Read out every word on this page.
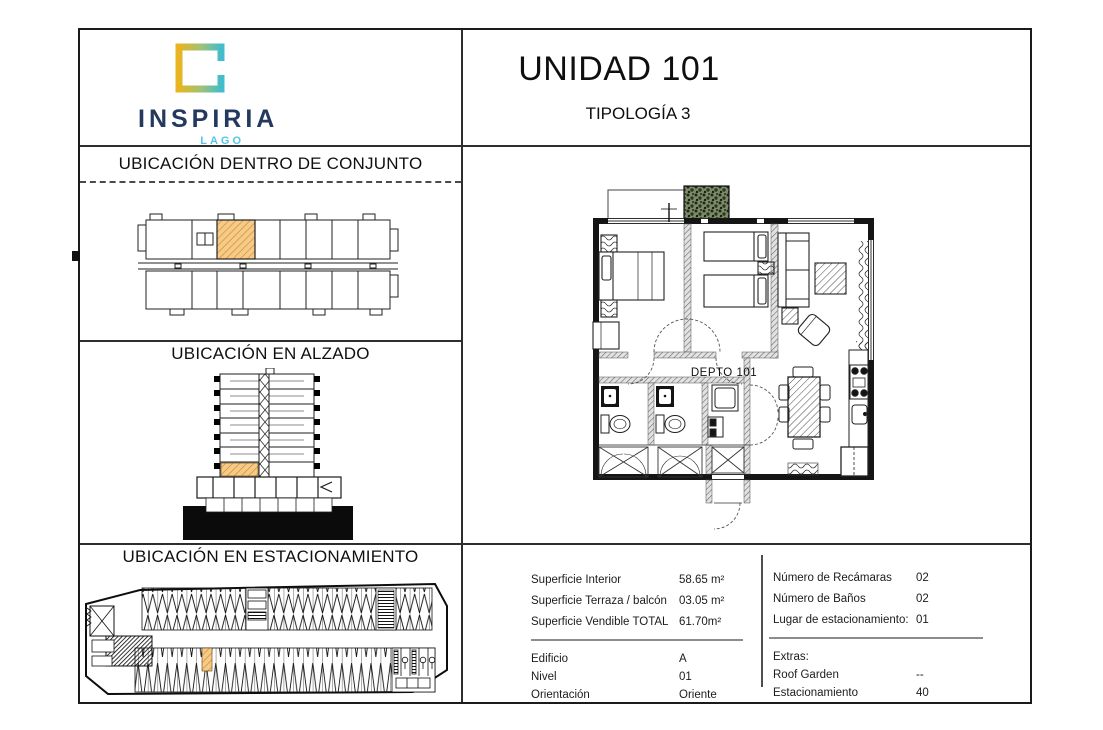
INSPIRIA
LAGO
UNIDAD 101
TIPOLOGÍA 3
UBICACIÓN DENTRO DE CONJUNTO
UBICACIÓN EN ALZADO
UBICACIÓN EN ESTACIONAMIENTO
DEPTO 101
Superficie Interior	58.65 m²
Superficie Terraza / balcón	03.05 m²
Superficie Vendible TOTAL 61.70m²
Edificio	A
Nivel	01
Orientación	Oriente
Número de Recámaras	02
Número de Baños	02
Lugar de estacionamiento: 01
Extras:
Roof Garden	--
Estacionamiento	40
